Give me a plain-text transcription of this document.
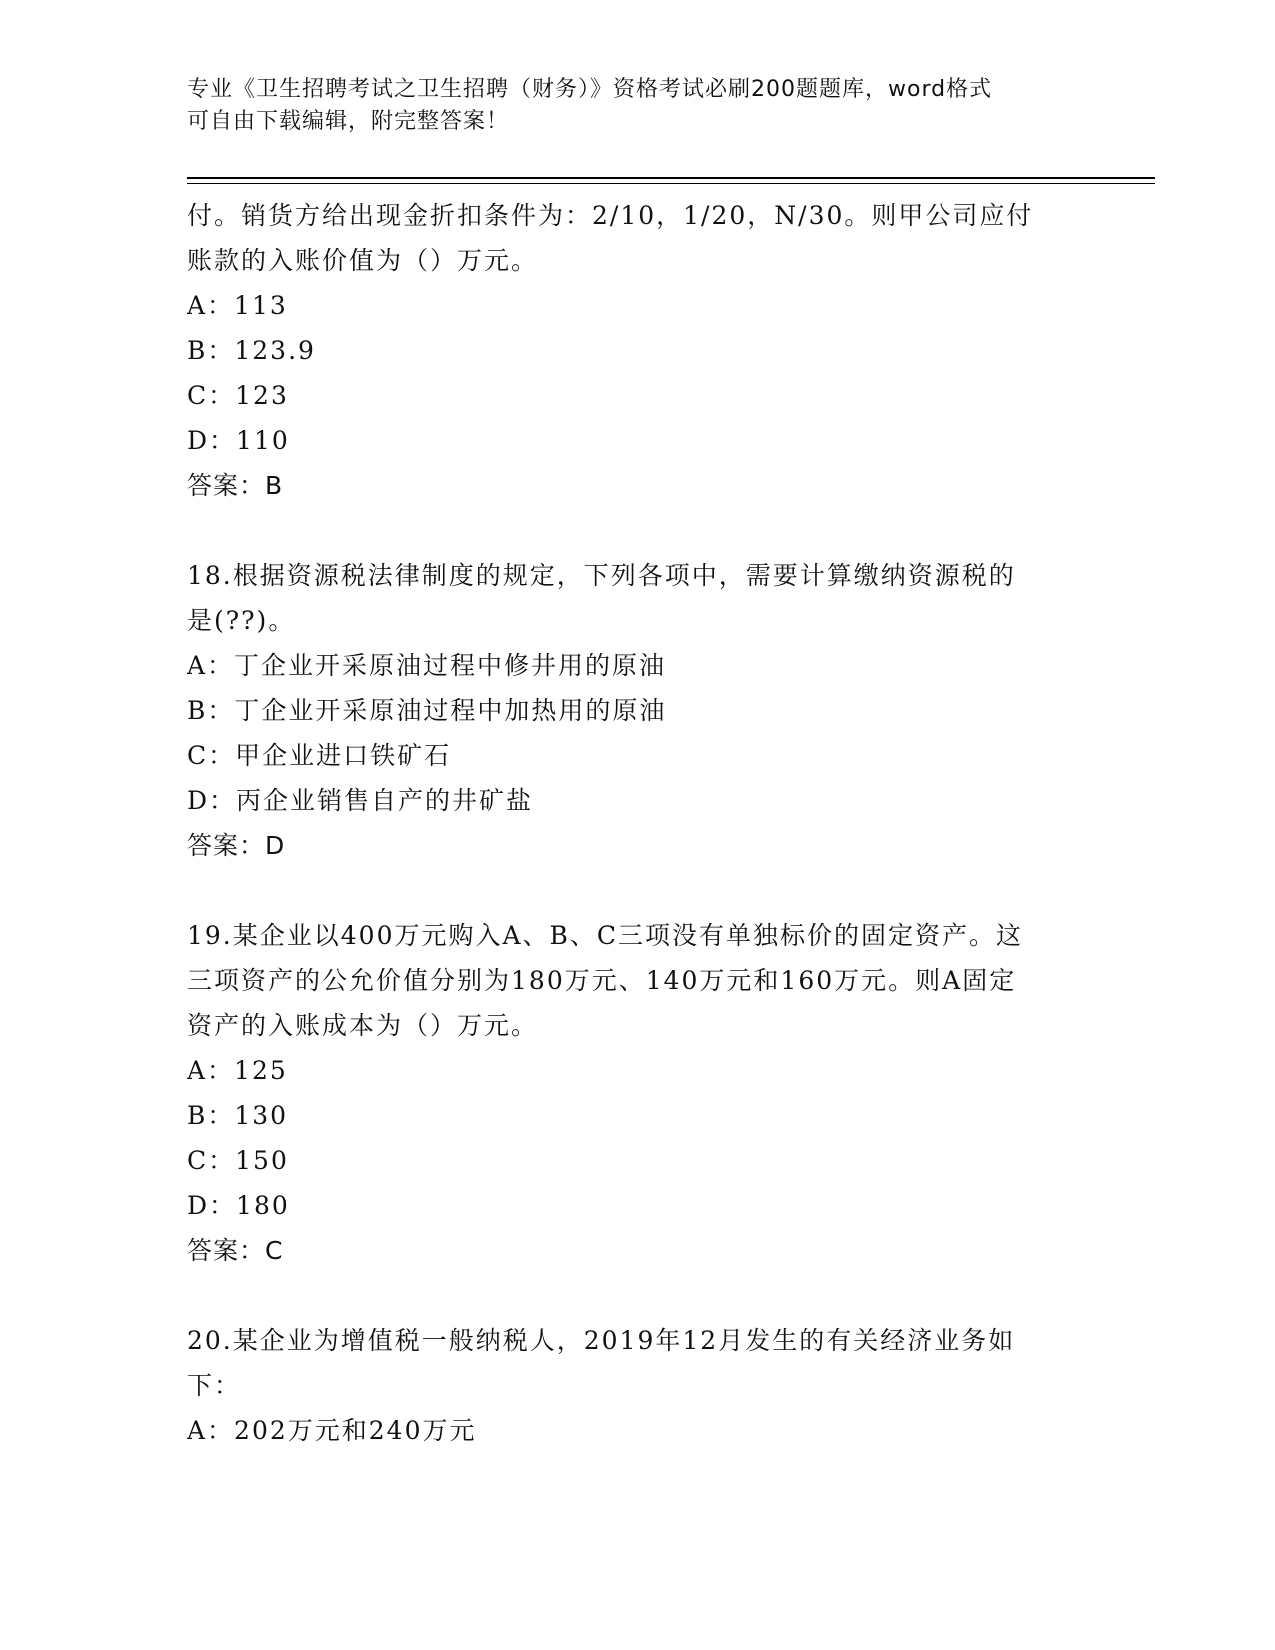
专业《卫生招聘考试之卫生招聘（财务）》资格考试必刷200题题库，word格式
可自由下载编辑，附完整答案！
付。销货方给出现金折扣条件为：2/10，1/20，N/30。则甲公司应付
账款的入账价值为（）万元。
A：113
B：123.9
C：123
D：110
答案：B
18.根据资源税法律制度的规定，下列各项中，需要计算缴纳资源税的
是(??)。
A：丁企业开采原油过程中修井用的原油
B：丁企业开采原油过程中加热用的原油
C：甲企业进口铁矿石
D：丙企业销售自产的井矿盐
答案：D
19.某企业以400万元购入A、B、C三项没有单独标价的固定资产。这
三项资产的公允价值分别为180万元、140万元和160万元。则A固定
资产的入账成本为（）万元。
A：125
B：130
C：150
D：180
答案：C
20.某企业为增值税一般纳税人，2019年12月发生的有关经济业务如
下：
A：202万元和240万元
